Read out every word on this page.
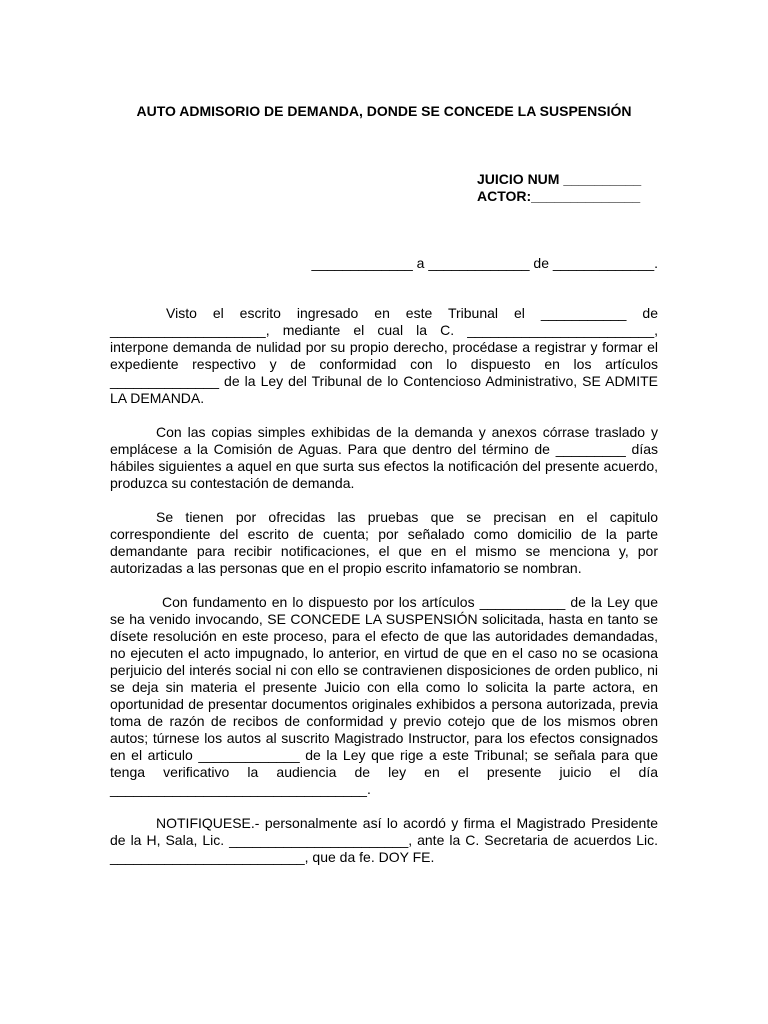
AUTO ADMISORIO DE DEMANDA, DONDE SE CONCEDE LA SUSPENSIÓN
JUICIO NUM __________
ACTOR:______________
_____________ a _____________ de _____________.

Visto el escrito ingresado en este Tribunal el ___________ de ____________________, mediante el cual la C. ________________________, interpone demanda de nulidad por su propio derecho, procédase a registrar y formar el expediente respectivo y de conformidad con lo dispuesto en los artículos ______________ de la Ley del Tribunal de lo Contencioso Administrativo, SE ADMITE LA DEMANDA.

Con las copias simples exhibidas de la demanda y anexos córrase traslado y emplácese a la Comisión de Aguas. Para que dentro del término de _________ días hábiles siguientes a aquel en que surta sus efectos la notificación del presente acuerdo, produzca su contestación de demanda.

Se tienen por ofrecidas las pruebas que se precisan en el capitulo correspondiente del escrito de cuenta; por señalado como domicilio de la parte demandante para recibir notificaciones, el que en el mismo se menciona y, por autorizadas a las personas que en el propio escrito infamatorio se nombran.

Con fundamento en lo dispuesto por los artículos ___________ de la Ley que se ha venido invocando, SE CONCEDE LA SUSPENSIÓN solicitada, hasta en tanto se dísete resolución en este proceso, para el efecto de que las autoridades demandadas, no ejecuten el acto impugnado, lo anterior, en virtud de que en el caso no se ocasiona perjuicio del interés social ni con ello se contravienen disposiciones de orden publico, ni se deja sin materia el presente Juicio con ella como lo solicita la parte actora, en oportunidad de presentar documentos originales exhibidos a persona autorizada, previa toma de razón de recibos de conformidad y previo cotejo que de los mismos obren autos; túrnese los autos al suscrito Magistrado Instructor, para los efectos consignados en el articulo _____________ de la Ley que rige a este Tribunal; se señala para que tenga verificativo la audiencia de ley en el presente juicio el día _________________________________.

NOTIFIQUESE.- personalmente así lo acordó y firma el Magistrado Presidente de la H, Sala, Lic. _______________________, ante la C. Secretaria de acuerdos Lic. _________________________, que da fe. DOY FE.
